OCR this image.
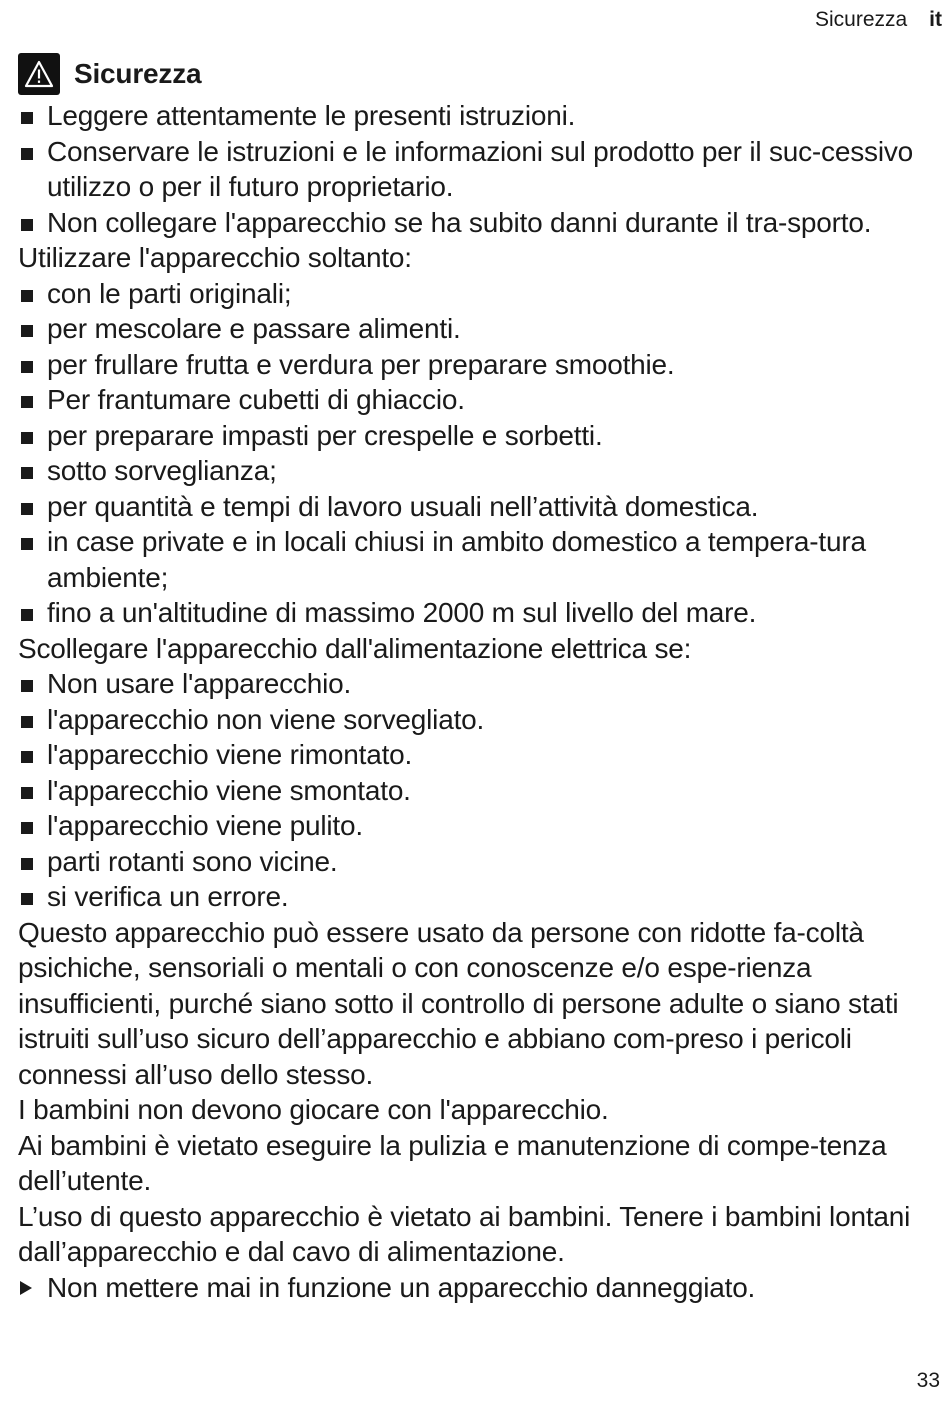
Sicurezza it
Sicurezza
Leggere attentamente le presenti istruzioni.
Conservare le istruzioni e le informazioni sul prodotto per il suc-cessivo utilizzo o per il futuro proprietario.
Non collegare l'apparecchio se ha subito danni durante il tra-sporto.

Utilizzare l'apparecchio soltanto:

con le parti originali;
per mescolare e passare alimenti.
per frullare frutta e verdura per preparare smoothie.
Per frantumare cubetti di ghiaccio.
per preparare impasti per crespelle e sorbetti.
sotto sorveglianza;
per quantità e tempi di lavoro usuali nell’attività domestica.
in case private e in locali chiusi in ambito domestico a tempera-tura ambiente;
fino a un'altitudine di massimo 2000 m sul livello del mare.

Scollegare l'apparecchio dall'alimentazione elettrica se:

Non usare l'apparecchio.
l'apparecchio non viene sorvegliato.
l'apparecchio viene rimontato.
l'apparecchio viene smontato.
l'apparecchio viene pulito.
parti rotanti sono vicine.
si verifica un errore.

Questo apparecchio può essere usato da persone con ridotte fa-coltà psichiche, sensoriali o mentali o con conoscenze e/o espe-rienza insufficienti, purché siano sotto il controllo di persone adulte o siano stati istruiti sull’uso sicuro dell’apparecchio e abbiano com-preso i pericoli connessi all’uso dello stesso.

I bambini non devono giocare con l'apparecchio.

Ai bambini è vietato eseguire la pulizia e manutenzione di compe-tenza dell’utente.

L’uso di questo apparecchio è vietato ai bambini. Tenere i bambini lontani dall’apparecchio e dal cavo di alimentazione.

Non mettere mai in funzione un apparecchio danneggiato.
33
